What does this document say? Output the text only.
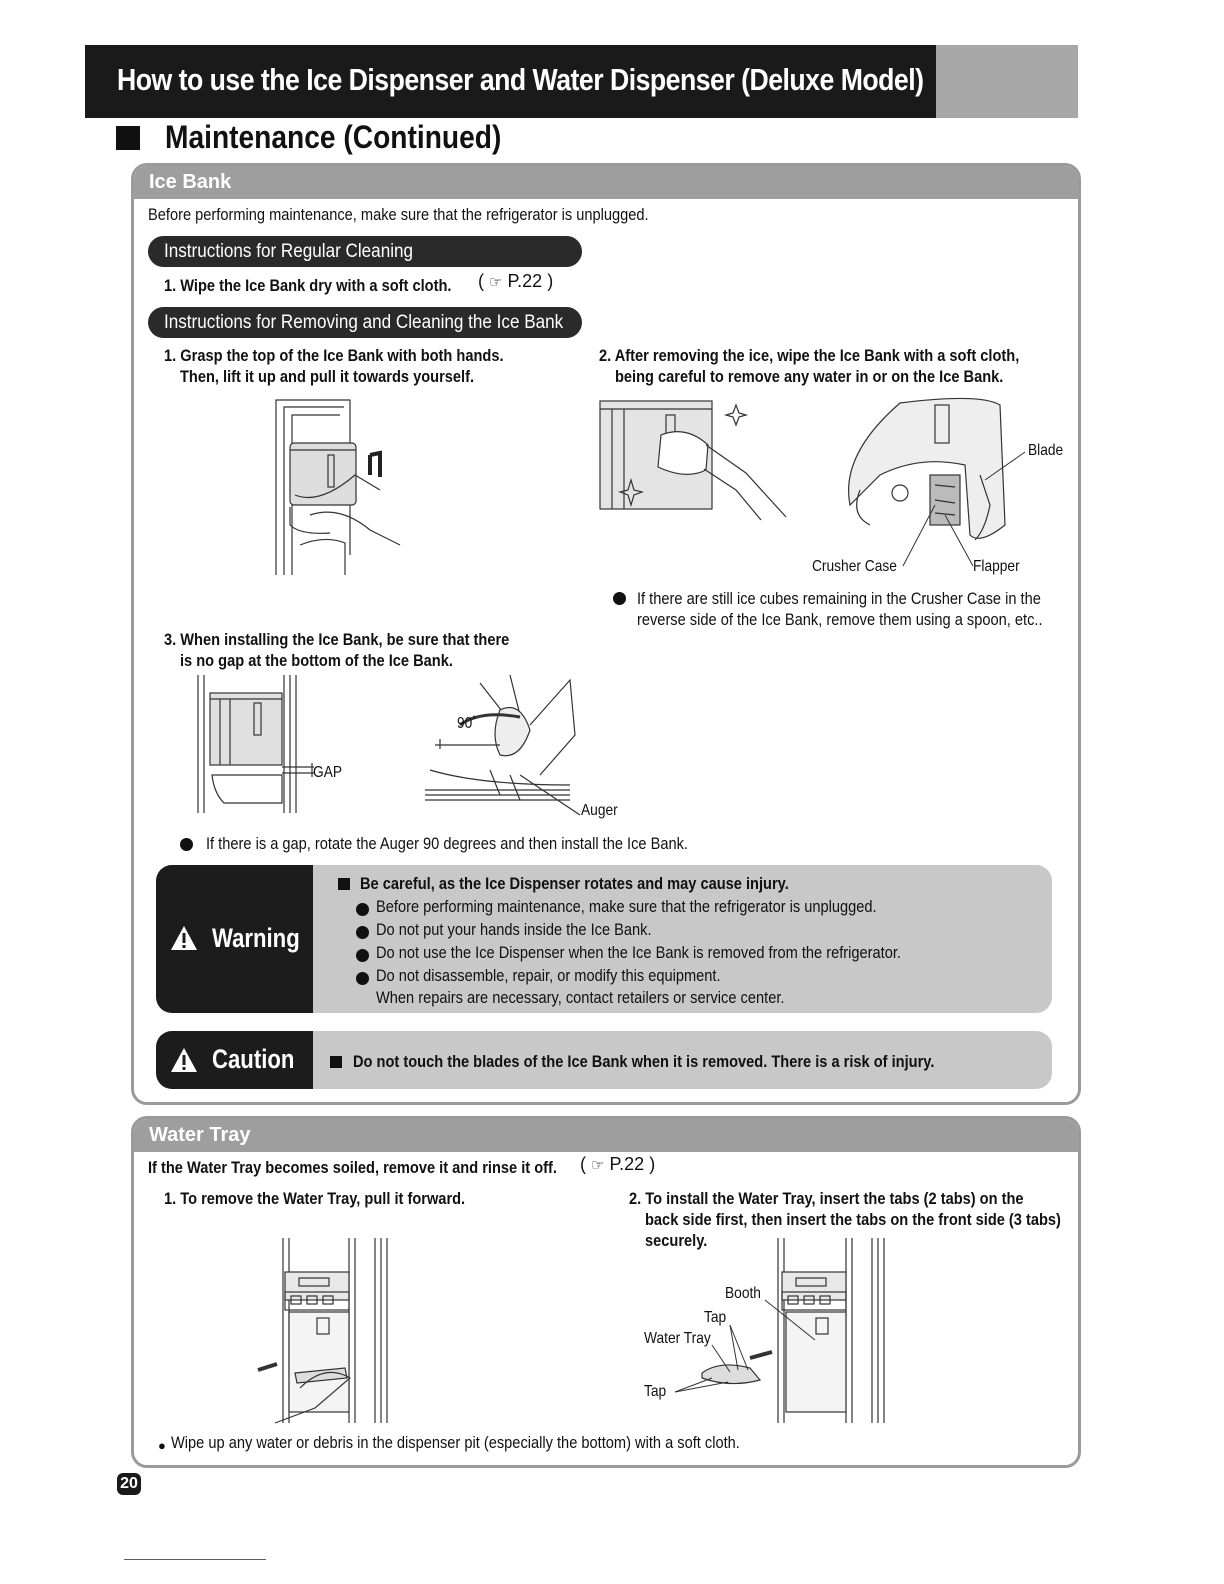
How to use the Ice Dispenser and Water Dispenser (Deluxe Model)
Maintenance (Continued)
Ice Bank
Before performing maintenance, make sure that the refrigerator is unplugged.
Instructions for Regular Cleaning
1. Wipe the Ice Bank dry with a soft cloth. ( ☞ P.22 )
Instructions for Removing and Cleaning the Ice Bank
1. Grasp the top of the Ice Bank with both hands.
Then, lift it up and pull it towards yourself.
2. After removing the ice, wipe the Ice Bank with a soft cloth,
being careful to remove any water in or on the Ice Bank.
Blade
Crusher Case	Flapper
If there are still ice cubes remaining in the Crusher Case in the
reverse side of the Ice Bank, remove them using a spoon, etc..
3. When installing the Ice Bank, be sure that there
is no gap at the bottom of the Ice Bank.
GAP
90°
Auger
If there is a gap, rotate the Auger 90 degrees and then install the Ice Bank.
Warning
Be careful, as the Ice Dispenser rotates and may cause injury.
Before performing maintenance, make sure that the refrigerator is unplugged.
Do not put your hands inside the Ice Bank.
Do not use the Ice Dispenser when the Ice Bank is removed from the refrigerator.
Do not disassemble, repair, or modify this equipment.
When repairs are necessary, contact retailers or service center.
Caution	Do not touch the blades of the Ice Bank when it is removed. There is a risk of injury.
Water Tray
If the Water Tray becomes soiled, remove it and rinse it off. ( ☞ P.22 )
1. To remove the Water Tray, pull it forward.	2. To install the Water Tray, insert the tabs (2 tabs) on the
back side first, then insert the tabs on the front side (3 tabs)
securely.
Booth
Tap
Water Tray
Tap
● Wipe up any water or debris in the dispenser pit (especially the bottom) with a soft cloth.
20
